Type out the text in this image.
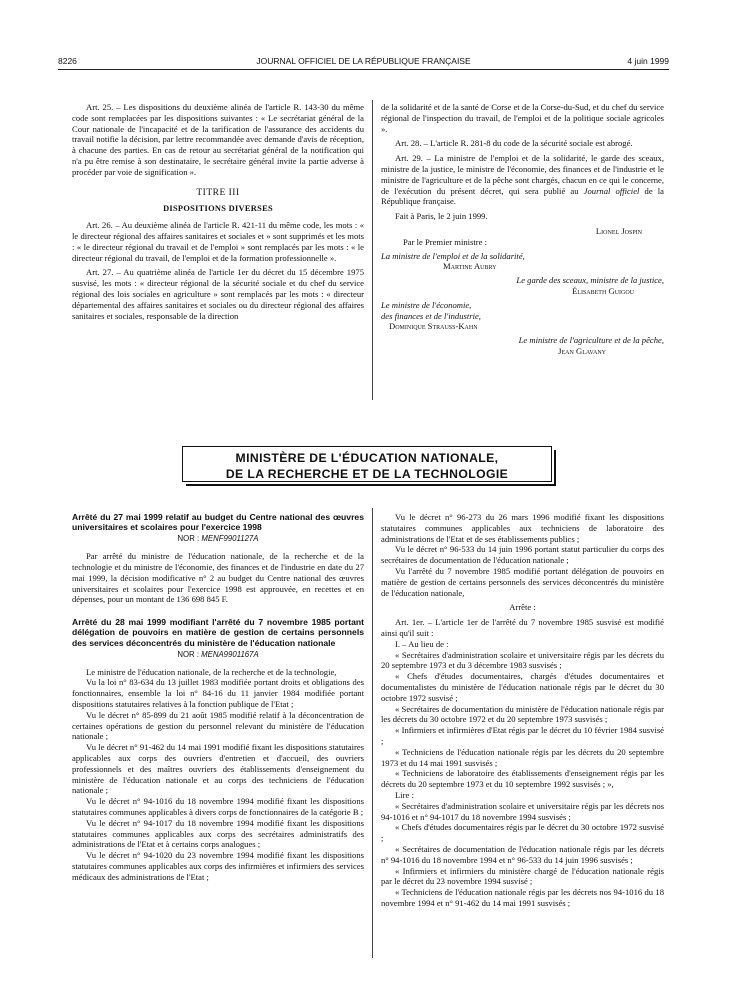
8226	JOURNAL OFFICIEL DE LA RÉPUBLIQUE FRANÇAISE	4 juin 1999

Art. 25. – Les dispositions du deuxième alinéa de l'article R. 143-30 du même code sont remplacées par les dispositions suivantes : « Le secrétariat général de la Cour nationale de l'incapacité et de la tarification de l'assurance des accidents du travail notifie la décision, par lettre recommandée avec demande d'avis de réception, à chacune des parties. En cas de retour au secrétariat général de la notification qui n'a pu être remise à son destinataire, le secrétaire général invite la partie adverse à procéder par voie de signification ».

TITRE III
DISPOSITIONS DIVERSES

Art. 26. – Au deuxième alinéa de l'article R. 421-11 du même code, les mots : « le directeur régional des affaires sanitaires et sociales et » sont supprimés et les mots : « le directeur régional du travail et de l'emploi » sont remplacés par les mots : « le directeur régional du travail, de l'emploi et de la formation professionnelle ».

Art. 27. – Au quatrième alinéa de l'article 1er du décret du 15 décembre 1975 susvisé, les mots : « directeur régional de la sécurité sociale et du chef du service régional des lois sociales en agriculture » sont remplacés par les mots : « directeur départemental des affaires sanitaires et sociales ou du directeur régional des affaires sanitaires et sociales, responsable de la direction

de la solidarité et de la santé de Corse et de la Corse-du-Sud, et du chef du service régional de l'inspection du travail, de l'emploi et de la politique sociale agricoles ».

Art. 28. – L'article R. 281-8 du code de la sécurité sociale est abrogé.

Art. 29. – La ministre de l'emploi et de la solidarité, le garde des sceaux, ministre de la justice, le ministre de l'économie, des finances et de l'industrie et le ministre de l'agriculture et de la pêche sont chargés, chacun en ce qui le concerne, de l'exécution du présent décret, qui sera publié au Journal officiel de la République française.

Fait à Paris, le 2 juin 1999.

Lionel Jospin
Par le Premier ministre :
La ministre de l'emploi et de la solidarité,
Martine Aubry
Le garde des sceaux, ministre de la justice,
Élisabeth Guigou
Le ministre de l'économie,
des finances et de l'industrie,
Dominique Strauss-Kahn
Le ministre de l'agriculture et de la pêche,
Jean Glavany
MINISTÈRE DE L'ÉDUCATION NATIONALE,
DE LA RECHERCHE ET DE LA TECHNOLOGIE

Arrêté du 27 mai 1999 relatif au budget du Centre national des œuvres universitaires et scolaires pour l'exercice 1998

NOR : MENF9901127A

Par arrêté du ministre de l'éducation nationale, de la recherche et de la technologie et du ministre de l'économie, des finances et de l'industrie en date du 27 mai 1999, la décision modificative n° 2 au budget du Centre national des œuvres universitaires et scolaires pour l'exercice 1998 est approuvée, en recettes et en dépenses, pour un montant de 136 698 845 F.

Arrêté du 28 mai 1999 modifiant l'arrêté du 7 novembre 1985 portant délégation de pouvoirs en matière de gestion de certains personnels des services déconcentrés du ministère de l'éducation nationale

NOR : MENA9901167A

Le ministre de l'éducation nationale, de la recherche et de la technologie,

Vu la loi n° 83-634 du 13 juillet 1983 modifiée portant droits et obligations des fonctionnaires, ensemble la loi n° 84-16 du 11 janvier 1984 modifiée portant dispositions statutaires relatives à la fonction publique de l'Etat ;

Vu le décret n° 85-899 du 21 août 1985 modifié relatif à la déconcentration de certaines opérations de gestion du personnel relevant du ministère de l'éducation nationale ;

Vu le décret n° 91-462 du 14 mai 1991 modifié fixant les dispositions statutaires applicables aux corps des ouvriers d'entretien et d'accueil, des ouvriers professionnels et des maîtres ouvriers des établissements d'enseignement du ministère de l'éducation nationale et au corps des techniciens de l'éducation nationale ;

Vu le décret n° 94-1016 du 18 novembre 1994 modifié fixant les dispositions statutaires communes applicables à divers corps de fonctionnaires de la catégorie B ;

Vu le décret n° 94-1017 du 18 novembre 1994 modifié fixant les dispositions statutaires communes applicables aux corps des secrétaires administratifs des administrations de l'Etat et à certains corps analogues ;

Vu le décret n° 94-1020 du 23 novembre 1994 modifié fixant les dispositions statutaires communes applicables aux corps des infirmières et infirmiers des services médicaux des administrations de l'Etat ;

Vu le décret n° 96-273 du 26 mars 1996 modifié fixant les dispositions statutaires communes applicables aux techniciens de laboratoire des administrations de l'Etat et de ses établissements publics ;

Vu le décret n° 96-533 du 14 juin 1996 portant statut particulier du corps des secrétaires de documentation de l'éducation nationale ;

Vu l'arrêté du 7 novembre 1985 modifié portant délégation de pouvoirs en matière de gestion de certains personnels des services déconcentrés du ministère de l'éducation nationale,

Arrête :

Art. 1er. – L'article 1er de l'arrêté du 7 novembre 1985 susvisé est modifié ainsi qu'il suit :

I. – Au lieu de :

« Secrétaires d'administration scolaire et universitaire régis par les décrets du 20 septembre 1973 et du 3 décembre 1983 susvisés ;

« Chefs d'études documentaires, chargés d'études documentaires et documentalistes du ministère de l'éducation nationale régis par le décret du 30 octobre 1972 susvisé ;

« Secrétaires de documentation du ministère de l'éducation nationale régis par les décrets du 30 octobre 1972 et du 20 septembre 1973 susvisés ;

« Infirmiers et infirmières d'Etat régis par le décret du 10 février 1984 susvisé ;

« Techniciens de l'éducation nationale régis par les décrets du 20 septembre 1973 et du 14 mai 1991 susvisés ;

« Techniciens de laboratoire des établissements d'enseignement régis par les décrets du 20 septembre 1973 et du 10 septembre 1992 susvisés ; »,

Lire :

« Secrétaires d'administration scolaire et universitaire régis par les décrets nos 94-1016 et n° 94-1017 du 18 novembre 1994 susvisés ;

« Chefs d'études documentaires régis par le décret du 30 octobre 1972 susvisé ;

« Secrétaires de documentation de l'éducation nationale régis par les décrets n° 94-1016 du 18 novembre 1994 et n° 96-533 du 14 juin 1996 susvisés ;

« Infirmiers et infirmiers du ministère chargé de l'éducation nationale régis par le décret du 23 novembre 1994 susvisé ;

« Techniciens de l'éducation nationale régis par les décrets nos 94-1016 du 18 novembre 1994 et n° 91-462 du 14 mai 1991 susvisés ;
